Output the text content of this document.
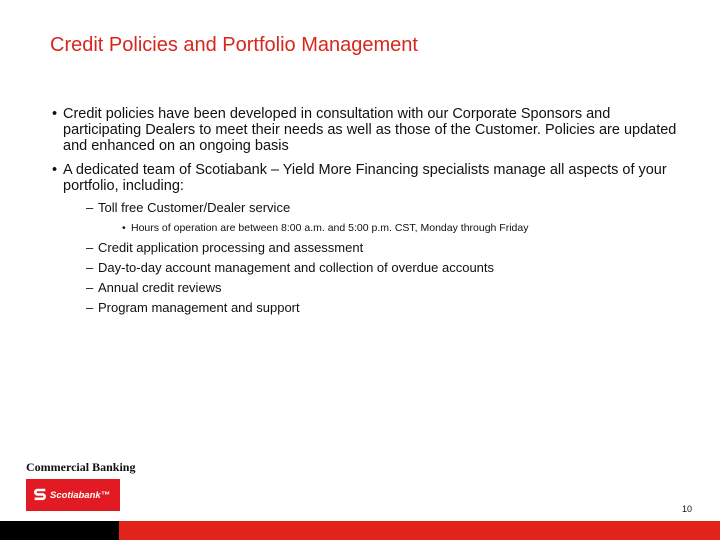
Credit Policies and Portfolio Management
• Credit policies have been developed in consultation with our Corporate Sponsors and participating Dealers to meet their needs as well as those of the Customer. Policies are updated and enhanced on an ongoing basis
• A dedicated team of Scotiabank – Yield More Financing specialists manage all aspects of your portfolio, including:
– Toll free Customer/Dealer service
• Hours of operation are between 8:00 a.m. and 5:00 p.m. CST, Monday through Friday
– Credit application processing and assessment
– Day-to-day account management and collection of overdue accounts
– Annual credit reviews
– Program management and support
Commercial Banking
Scotiabank™
10
